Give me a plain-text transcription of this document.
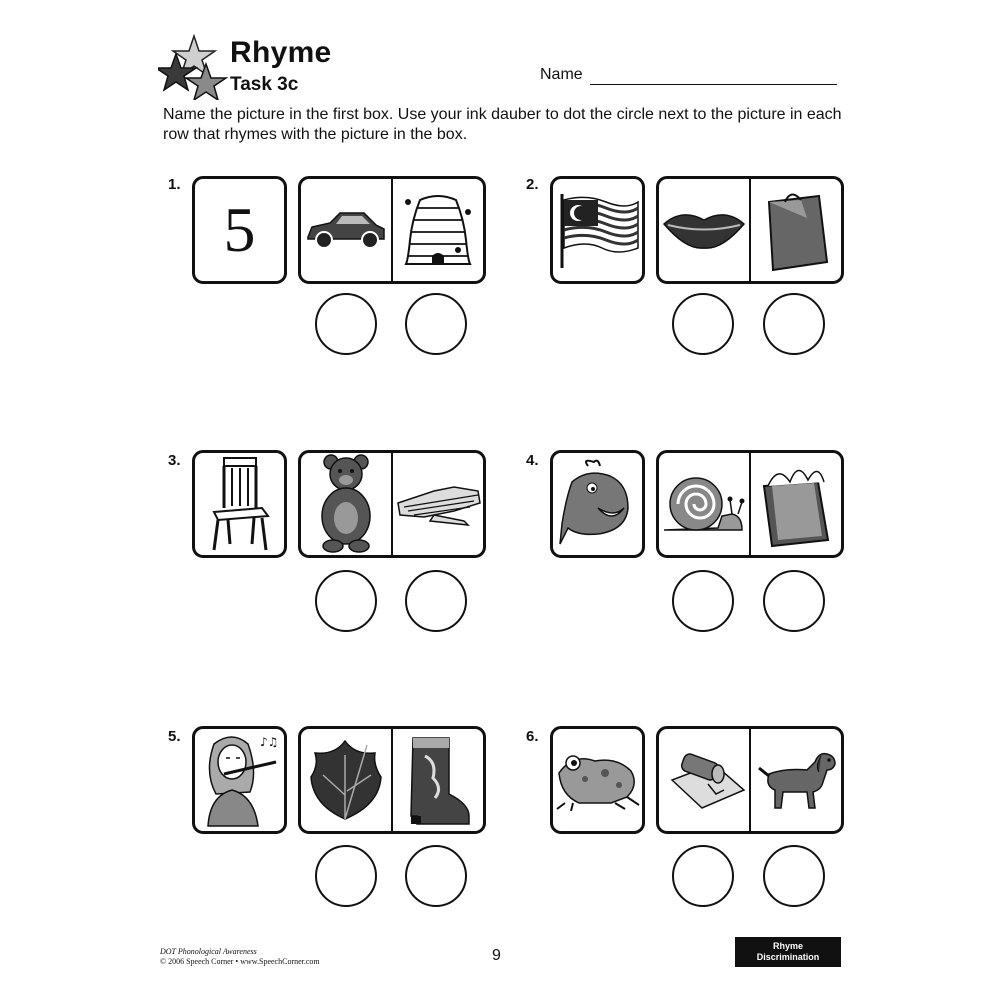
Rhyme
Task 3c	Name
Name the picture in the first box. Use your ink dauber to dot the circle next to the picture in each row that rhymes with the picture in the box.
1.
5
2.
3.	4.
5.	♪♫	6.
DOT Phonological Awareness
© 2006 Speech Corner • www.SpeechCorner.com	9
Rhyme
Discrimination
